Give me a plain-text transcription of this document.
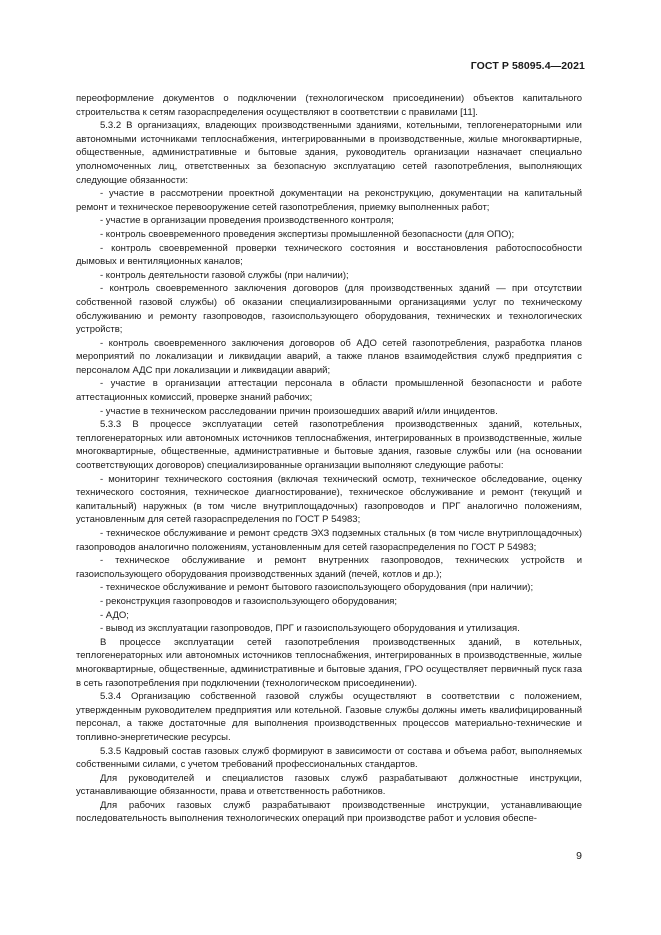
ГОСТ Р 58095.4—2021

переоформление документов о подключении (технологическом присоединении) объектов капитального строительства к сетям газораспределения осуществляют в соответствии с правилами [11].

5.3.2 В организациях, владеющих производственными зданиями, котельными, теплогенераторными или автономными источниками теплоснабжения, интегрированными в производственные, жилые многоквартирные, общественные, административные и бытовые здания, руководитель организации назначает специально уполномоченных лиц, ответственных за безопасную эксплуатацию сетей газопотребления, выполняющих следующие обязанности:

- участие в рассмотрении проектной документации на реконструкцию, документации на капитальный ремонт и техническое перевооружение сетей газопотребления, приемку выполненных работ;

- участие в организации проведения производственного контроля;

- контроль своевременного проведения экспертизы промышленной безопасности (для ОПО);

- контроль своевременной проверки технического состояния и восстановления работоспособности дымовых и вентиляционных каналов;

- контроль деятельности газовой службы (при наличии);

- контроль своевременного заключения договоров (для производственных зданий — при отсутствии собственной газовой службы) об оказании специализированными организациями услуг по техническому обслуживанию и ремонту газопроводов, газоиспользующего оборудования, технических и технологических устройств;

- контроль своевременного заключения договоров об АДО сетей газопотребления, разработка планов мероприятий по локализации и ликвидации аварий, а также планов взаимодействия служб предприятия с персоналом АДС при локализации и ликвидации аварий;

- участие в организации аттестации персонала в области промышленной безопасности и работе аттестационных комиссий, проверке знаний рабочих;

- участие в техническом расследовании причин произошедших аварий и/или инцидентов.

5.3.3 В процессе эксплуатации сетей газопотребления производственных зданий, котельных, теплогенераторных или автономных источников теплоснабжения, интегрированных в производственные, жилые многоквартирные, общественные, административные и бытовые здания, газовые службы или (на основании соответствующих договоров) специализированные организации выполняют следующие работы:

- мониторинг технического состояния (включая технический осмотр, техническое обследование, оценку технического состояния, техническое диагностирование), техническое обслуживание и ремонт (текущий и капитальный) наружных (в том числе внутриплощадочных) газопроводов и ПРГ аналогично положениям, установленным для сетей газораспределения по ГОСТ Р 54983;

- техническое обслуживание и ремонт средств ЭХЗ подземных стальных (в том числе внутриплощадочных) газопроводов аналогично положениям, установленным для сетей газораспределения по ГОСТ Р 54983;

- техническое обслуживание и ремонт внутренних газопроводов, технических устройств и газоиспользующего оборудования производственных зданий (печей, котлов и др.);

- техническое обслуживание и ремонт бытового газоиспользующего оборудования (при наличии);

- реконструкция газопроводов и газоиспользующего оборудования;

- АДО;

- вывод из эксплуатации газопроводов, ПРГ и газоиспользующего оборудования и утилизация.

В процессе эксплуатации сетей газопотребления производственных зданий, в котельных, теплогенераторных или автономных источников теплоснабжения, интегрированных в производственные, жилые многоквартирные, общественные, административные и бытовые здания, ГРО осуществляет первичный пуск газа в сеть газопотребления при подключении (технологическом присоединении).

5.3.4 Организацию собственной газовой службы осуществляют в соответствии с положением, утвержденным руководителем предприятия или котельной. Газовые службы должны иметь квалифицированный персонал, а также достаточные для выполнения производственных процессов материально-технические и топливно-энергетические ресурсы.

5.3.5 Кадровый состав газовых служб формируют в зависимости от состава и объема работ, выполняемых собственными силами, с учетом требований профессиональных стандартов.

Для руководителей и специалистов газовых служб разрабатывают должностные инструкции, устанавливающие обязанности, права и ответственность работников.

Для рабочих газовых служб разрабатывают производственные инструкции, устанавливающие последовательность выполнения технологических операций при производстве работ и условия обеспе-

9
